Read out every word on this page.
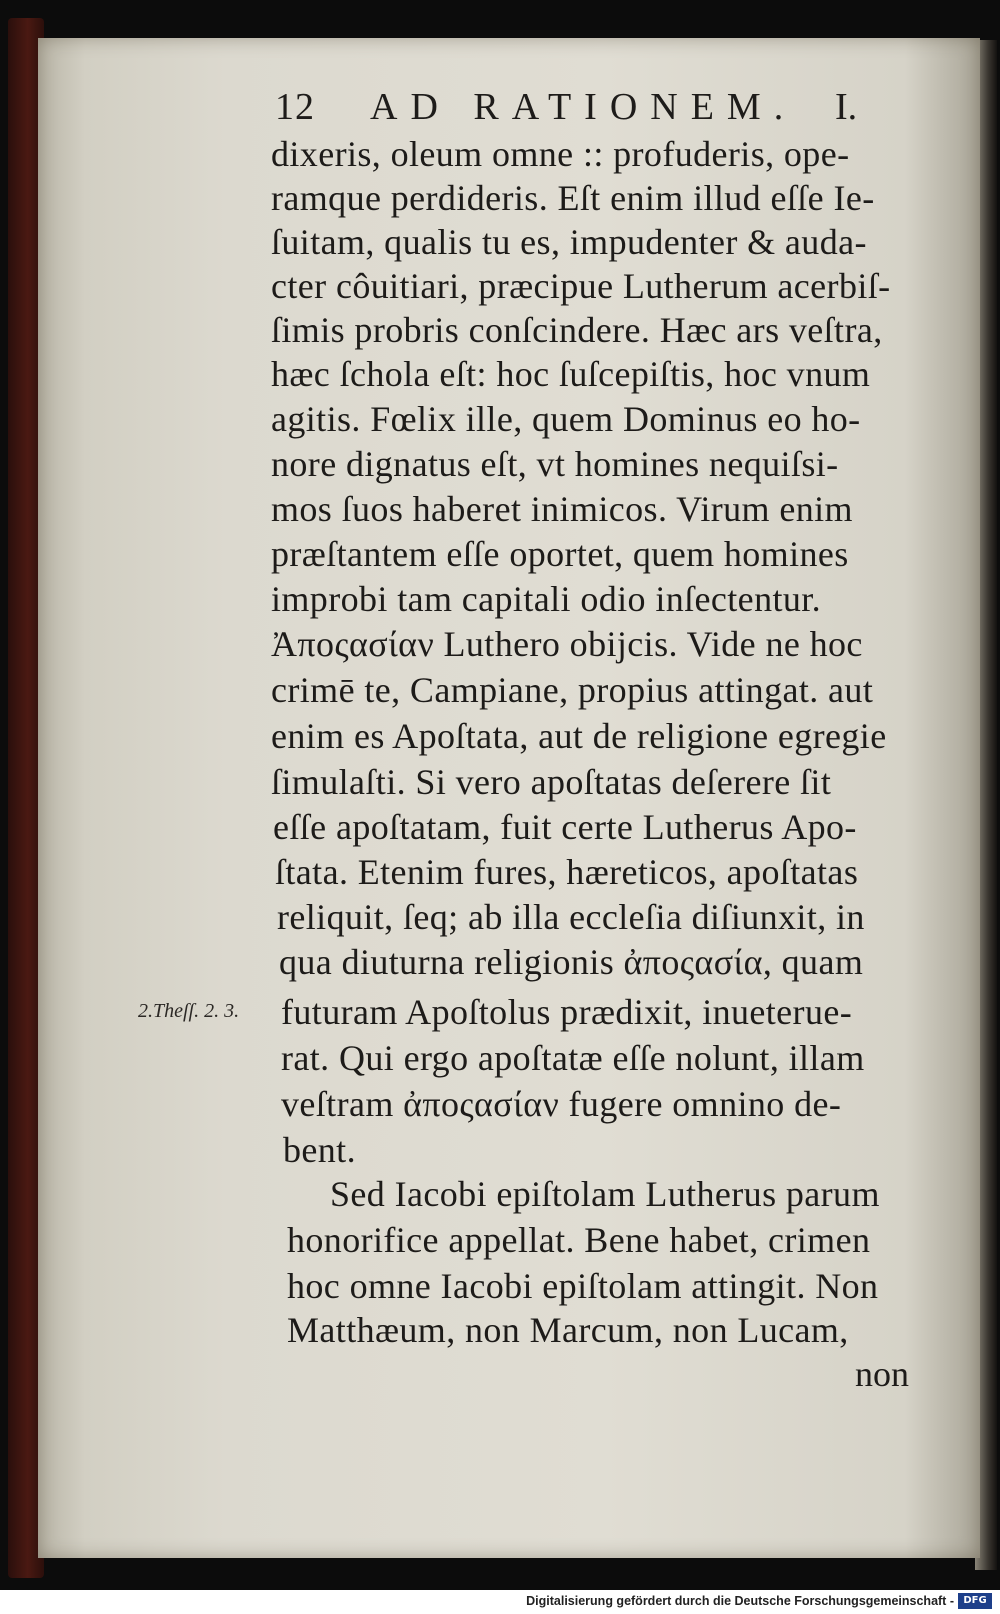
12 AD RATIONEM. I.
dixeris, oleum omne :: profuderis, ope-
ramque perdideris. Eſt enim illud eſſe Ie-
ſuitam, qualis tu es, impudenter & auda-
cter côuitiari, præcipue Lutherum acerbiſ-
ſimis probris conſcindere. Hæc ars veſtra,
hæc ſchola eſt: hoc ſuſcepiſtis, hoc vnum
agitis. Fœlix ille, quem Dominus eo ho-
nore dignatus eſt, vt homines nequiſsi-
mos ſuos haberet inimicos. Virum enim
præſtantem eſſe oportet, quem homines
improbi tam capitali odio inſectentur.
Ἀποςασίαν Luthero obijcis. Vide ne hoc
crimē te, Campiane, propius attingat. aut
enim es Apoſtata, aut de religione egregie
ſimulaſti. Si vero apoſtatas deſerere ſit
eſſe apoſtatam, fuit certe Lutherus Apo-
ſtata. Etenim fures, hæreticos, apoſtatas
reliquit, ſeq; ab illa eccleſia diſiunxit, in
qua diuturna religionis ἀποςασία, quam
futuram Apoſtolus prædixit, inueterue-
rat. Qui ergo apoſtatæ eſſe nolunt, illam
veſtram ἀποςασίαν fugere omnino de-
bent.
Sed Iacobi epiſtolam Lutherus parum
honorifice appellat. Bene habet, crimen
hoc omne Iacobi epiſtolam attingit. Non
Matthæum, non Marcum, non Lucam,
2.Theſſ. 2. 3.
non
Digitalisierung gefördert durch die Deutsche Forschungsgemeinschaft - DFG
